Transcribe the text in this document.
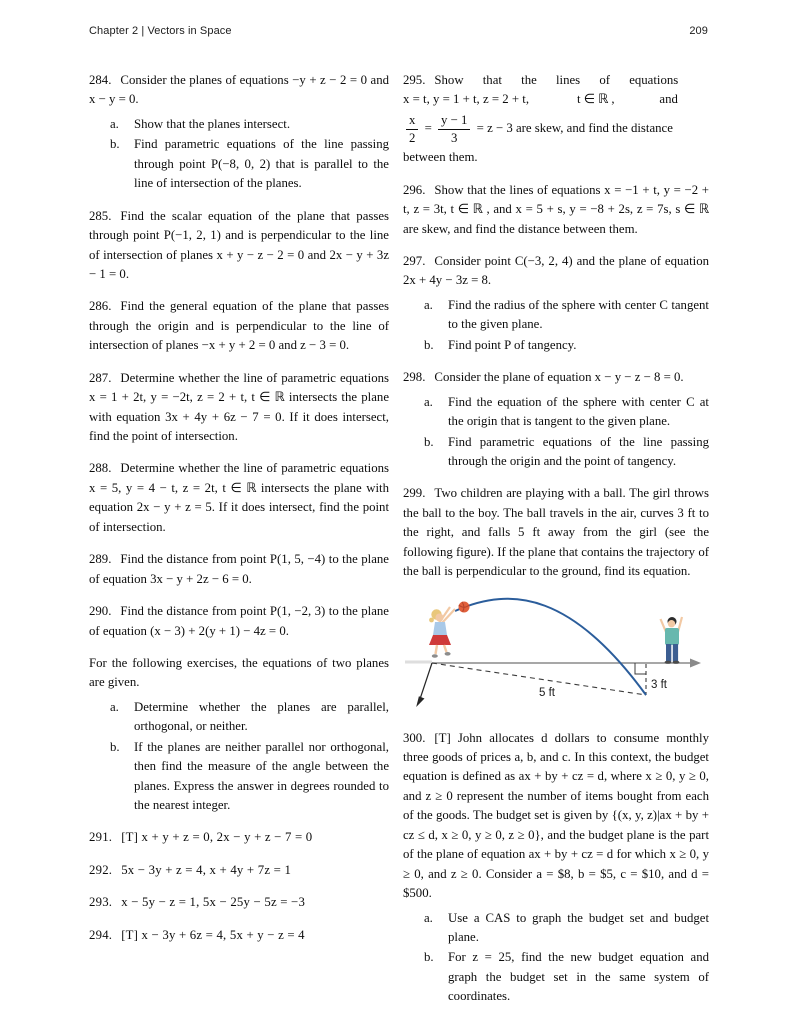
Chapter 2 | Vectors in Space	209

284. Consider the planes of equations −y + z − 2 = 0 and x − y = 0.

a.	Show that the planes intersect.
b.	Find parametric equations of the line passing through point P(−8, 0, 2) that is parallel to the line of intersection of the planes.

285. Find the scalar equation of the plane that passes through point P(−1, 2, 1) and is perpendicular to the line of intersection of planes x + y − z − 2 = 0 and 2x − y + 3z − 1 = 0.

286. Find the general equation of the plane that passes through the origin and is perpendicular to the line of intersection of planes −x + y + 2 = 0 and z − 3 = 0.

287. Determine whether the line of parametric equations x = 1 + 2t, y = −2t, z = 2 + t, t ∈ ℝ intersects the plane with equation 3x + 4y + 6z − 7 = 0. If it does intersect, find the point of intersection.

288. Determine whether the line of parametric equations x = 5, y = 4 − t, z = 2t, t ∈ ℝ intersects the plane with equation 2x − y + z = 5. If it does intersect, find the point of intersection.

289. Find the distance from point P(1, 5, −4) to the plane of equation 3x − y + 2z − 6 = 0.

290. Find the distance from point P(1, −2, 3) to the plane of equation (x − 3) + 2(y + 1) − 4z = 0.

For the following exercises, the equations of two planes are given.

a.	Determine whether the planes are parallel, orthogonal, or neither.
b.	If the planes are neither parallel nor orthogonal, then find the measure of the angle between the planes. Express the answer in degrees rounded to the nearest integer.

291. [T] x + y + z = 0, 2x − y + z − 7 = 0

292. 5x − 3y + z = 4, x + 4y + 7z = 1

293. x − 5y − z = 1, 5x − 25y − 5z = −3

294. [T] x − 3y + 6z = 4, 5x + y − z = 4

295. Show      that      the      lines      of      equations

x = t, y = 1 + t, z = 2 + t,               t ∈ ℝ ,              and

$\frac{x}{2} = \frac{y - 1}{3} = z - 3$ are skew, and find the distance

between them.

296. Show that the lines of equations x = −1 + t, y = −2 + t, z = 3t, t ∈ ℝ , and x = 5 + s, y = −8 + 2s, z = 7s, s ∈ ℝ are skew, and find the distance between them.

297. Consider point C(−3, 2, 4) and the plane of equation 2x + 4y − 3z = 8.

a.	Find the radius of the sphere with center C tangent to the given plane.
b.	Find point P of tangency.

298. Consider the plane of equation x − y − z − 8 = 0.

a.	Find the equation of the sphere with center C at the origin that is tangent to the given plane.
b.	Find parametric equations of the line passing through the origin and the point of tangency.

299. Two children are playing with a ball. The girl throws the ball to the boy. The ball travels in the air, curves 3 ft to the right, and falls 5 ft away from the girl (see the following figure). If the plane that contains the trajectory of the ball is perpendicular to the ground, find its equation.

5 ft
3 ft

300. [T] John allocates d dollars to consume monthly three goods of prices a, b, and c. In this context, the budget equation is defined as ax + by + cz = d, where x ≥ 0, y ≥ 0, and z ≥ 0 represent the number of items bought from each of the goods. The budget set is given by {(x, y, z)|ax + by + cz ≤ d, x ≥ 0, y ≥ 0, z ≥ 0}, and the budget plane is the part of the plane of equation ax + by + cz = d for which x ≥ 0, y ≥ 0, and z ≥ 0. Consider a = $8, b = $5, c = $10, and d = $500.

a.	Use a CAS to graph the budget set and budget plane.
b.	For z = 25, find the new budget equation and graph the budget set in the same system of coordinates.
